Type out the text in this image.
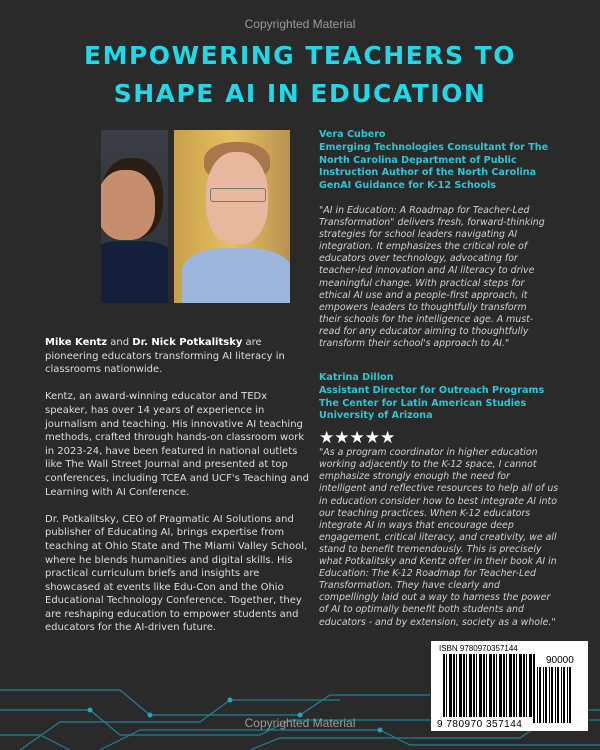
Copyrighted Material
EMPOWERING TEACHERS TO
SHAPE AI IN EDUCATION

Mike Kentz and Dr. Nick Potkalitsky are pioneering educators transforming AI literacy in classrooms nationwide.

Kentz, an award-winning educator and TEDx speaker, has over 14 years of experience in journalism and teaching. His innovative AI teaching methods, crafted through hands-on classroom work in 2023-24, have been featured in national outlets like The Wall Street Journal and presented at top conferences, including TCEA and UCF's Teaching and Learning with AI Conference.

Dr. Potkalitsky, CEO of Pragmatic AI Solutions and publisher of Educating AI, brings expertise from teaching at Ohio State and The Miami Valley School, where he blends humanities and digital skills. His practical curriculum briefs and insights are showcased at events like Edu-Con and the Ohio Educational Technology Conference. Together, they are reshaping education to empower students and educators for the AI-driven future.

Vera Cubero
Emerging Technologies Consultant for The North Carolina Department of Public Instruction Author of the North Carolina GenAI Guidance for K-12 Schools
"AI in Education: A Roadmap for Teacher-Led Transformation" delivers fresh, forward-thinking strategies for school leaders navigating AI integration. It emphasizes the critical role of educators over technology, advocating for teacher-led innovation and AI literacy to drive meaningful change. With practical steps for ethical AI use and a people-first approach, it empowers leaders to thoughtfully transform their schools for the intelligence age. A must-read for any educator aiming to thoughtfully transform their school's approach to AI."
Katrina Dillon
Assistant Director for Outreach Programs
The Center for Latin American Studies
University of Arizona
★★★★★
"As a program coordinator in higher education working adjacently to the K-12 space, I cannot emphasize strongly enough the need for intelligent and reflective resources to help all of us in education consider how to best integrate AI into our teaching practices. When K-12 educators integrate AI in ways that encourage deep engagement, critical literacy, and creativity, we all stand to benefit tremendously. This is precisely what Potkalitsky and Kentz offer in their book AI in Education: The K-12 Roadmap for Teacher-Led Transformation. They have clearly and compellingly laid out a way to harness the power of AI to optimally benefit both students and educators - and by extension, society as a whole."
Copyrighted Material
ISBN 9780970357144
90000
9 780970 357144
